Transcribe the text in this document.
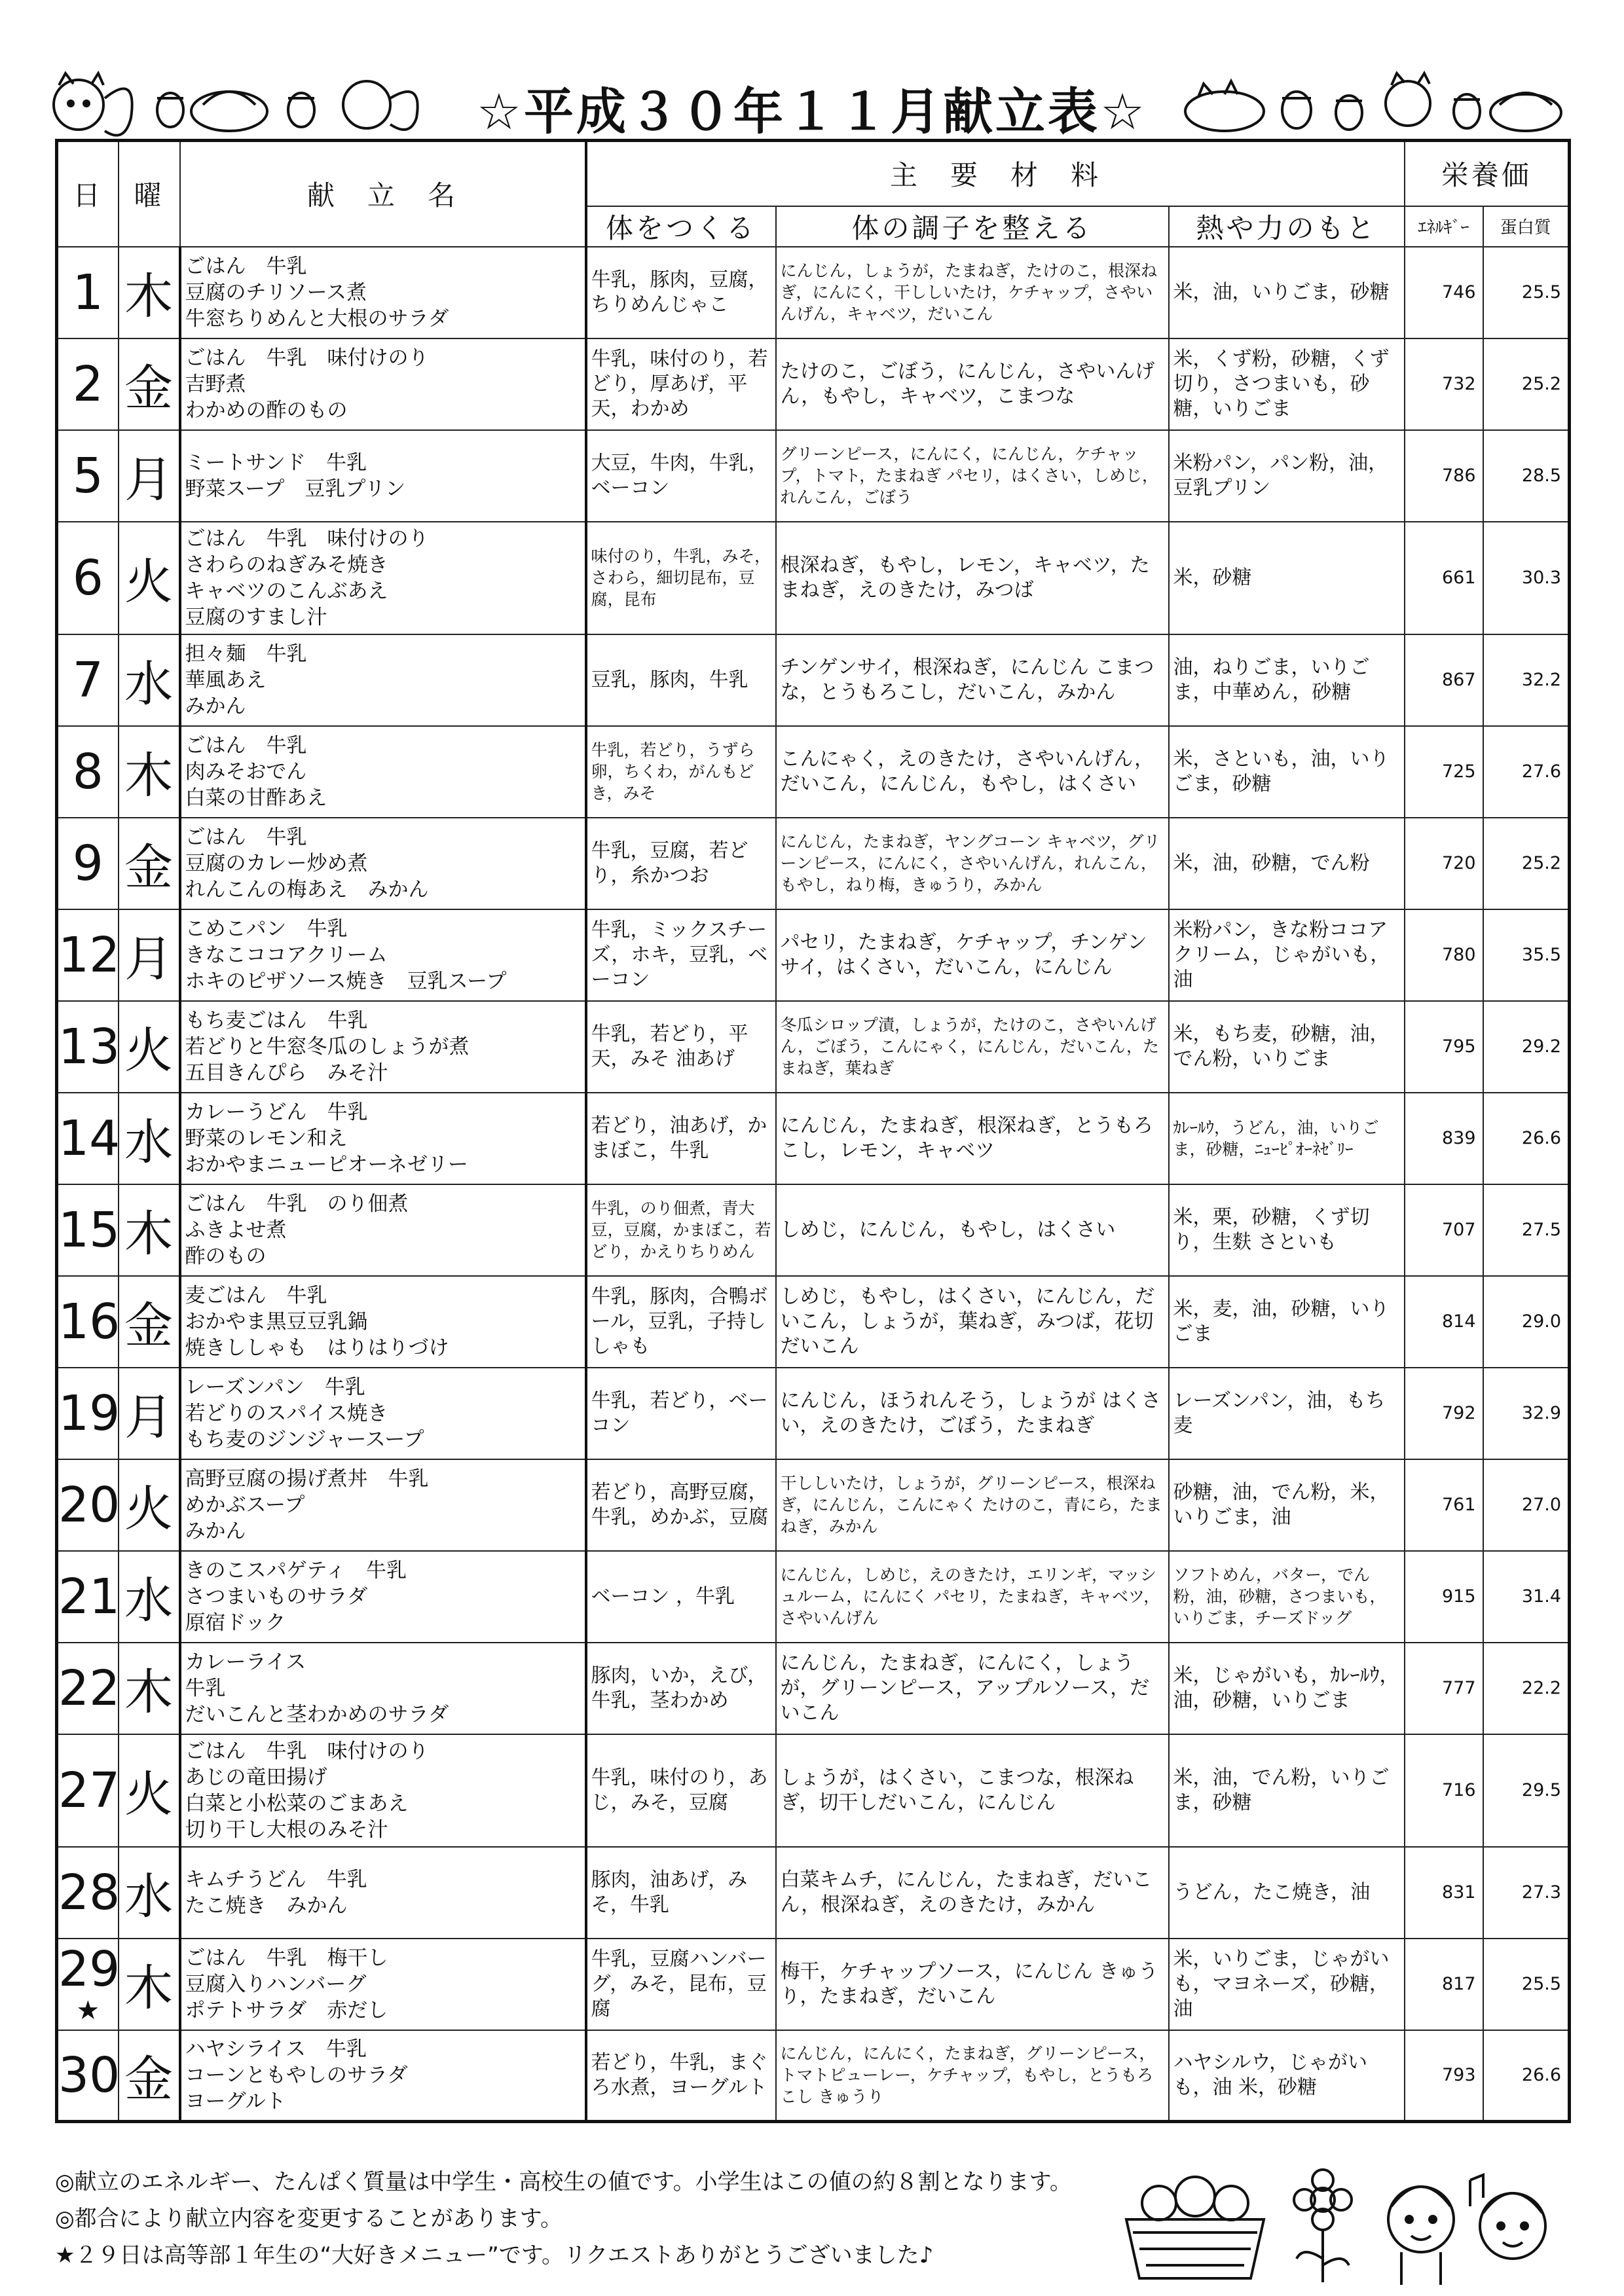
☆平成３０年１１月献立表☆
日	曜	献　立　名	主　要　材　料			栄養価	
			体をつくる	体の調子を整える	熱や力のもと	ｴﾈﾙｷﾞｰ	蛋白質
1	木	ごはん　牛乳
豆腐のチリソース煮
牛窓ちりめんと大根のサラダ	牛乳，豚肉，豆腐，ちりめんじゃこ	にんじん，しょうが，たまねぎ，たけのこ，根深ねぎ，にんにく，干ししいたけ，ケチャップ，さやいんげん，キャベツ，だいこん	米，油，いりごま，砂糖	746	25.5
2	金	ごはん　牛乳　味付けのり
吉野煮
わかめの酢のもの	牛乳，味付のり，若どり，厚あげ，平天，わかめ	たけのこ，ごぼう，にんじん，さやいんげん，もやし，キャベツ，こまつな	米，くず粉，砂糖，くず切り，さつまいも，砂糖，いりごま	732	25.2
5	月	ミートサンド　牛乳
野菜スープ　豆乳プリン	大豆，牛肉，牛乳，ベーコン	グリーンピース，にんにく，にんじん，ケチャップ，トマト，たまねぎ パセリ，はくさい，しめじ，れんこん，ごぼう	米粉パン，パン粉，油，豆乳プリン	786	28.5
6	火	ごはん　牛乳　味付けのり
さわらのねぎみそ焼き
キャベツのこんぶあえ
豆腐のすまし汁	味付のり，牛乳，みそ，さわら，細切昆布，豆腐，昆布	根深ねぎ，もやし，レモン，キャベツ，たまねぎ，えのきたけ，みつば	米，砂糖	661	30.3
7	水	担々麺　牛乳
華風あえ
みかん	豆乳，豚肉，牛乳	チンゲンサイ，根深ねぎ，にんじん こまつな，とうもろこし，だいこん，みかん	油，ねりごま，いりごま，中華めん，砂糖	867	32.2
8	木	ごはん　牛乳
肉みそおでん
白菜の甘酢あえ	牛乳，若どり，うずら卵，ちくわ，がんもどき，みそ	こんにゃく，えのきたけ，さやいんげん，だいこん，にんじん，もやし，はくさい	米，さといも，油，いりごま，砂糖	725	27.6
9	金	ごはん　牛乳
豆腐のカレー炒め煮
れんこんの梅あえ　みかん	牛乳，豆腐，若どり，糸かつお	にんじん，たまねぎ，ヤングコーン キャベツ，グリーンピース，にんにく，さやいんげん，れんこん，もやし，ねり梅，きゅうり，みかん	米，油，砂糖，でん粉	720	25.2
12	月	こめこパン　牛乳
きなこココアクリーム
ホキのピザソース焼き　豆乳スープ	牛乳，ミックスチーズ，ホキ，豆乳，ベーコン	パセリ，たまねぎ，ケチャップ，チンゲンサイ，はくさい，だいこん，にんじん	米粉パン，きな粉ココアクリーム，じゃがいも，油	780	35.5
13	火	もち麦ごはん　牛乳
若どりと牛窓冬瓜のしょうが煮
五目きんぴら　みそ汁	牛乳，若どり，平天，みそ 油あげ	冬瓜シロップ漬，しょうが，たけのこ，さやいんげん，ごぼう，こんにゃく，にんじん，だいこん，たまねぎ，葉ねぎ	米，もち麦，砂糖，油，でん粉，いりごま	795	29.2
14	水	カレーうどん　牛乳
野菜のレモン和え
おかやまニューピオーネゼリー	若どり，油あげ，かまぼこ，牛乳	にんじん，たまねぎ，根深ねぎ，とうもろこし，レモン，キャベツ	ｶﾚｰﾙｳ，うどん，油，いりごま，砂糖，ﾆｭｰﾋﾟｵｰﾈｾﾞﾘｰ	839	26.6
15	木	ごはん　牛乳　のり佃煮
ふきよせ煮
酢のもの	牛乳，のり佃煮，青大豆，豆腐，かまぼこ，若どり，かえりちりめん	しめじ，にんじん，もやし，はくさい	米，栗，砂糖，くず切り，生麩 さといも	707	27.5
16	金	麦ごはん　牛乳
おかやま黒豆豆乳鍋
焼きししゃも　はりはりづけ	牛乳，豚肉，合鴨ボール，豆乳，子持ししゃも	しめじ，もやし，はくさい，にんじん，だいこん，しょうが，葉ねぎ，みつば，花切だいこん	米，麦，油，砂糖，いりごま	814	29.0
19	月	レーズンパン　牛乳
若どりのスパイス焼き
もち麦のジンジャースープ	牛乳，若どり，ベーコン	にんじん，ほうれんそう，しょうが はくさい，えのきたけ，ごぼう，たまねぎ	レーズンパン，油，もち麦	792	32.9
20	火	高野豆腐の揚げ煮丼　牛乳
めかぶスープ
みかん	若どり，高野豆腐，牛乳，めかぶ，豆腐	干ししいたけ，しょうが，グリーンピース，根深ねぎ，にんじん，こんにゃく たけのこ，青にら，たまねぎ，みかん	砂糖，油，でん粉，米，いりごま，油	761	27.0
21	水	きのこスパゲティ　牛乳
さつまいものサラダ
原宿ドック	ベーコン ，牛乳	にんじん，しめじ，えのきたけ，エリンギ，マッシュルーム，にんにく パセリ，たまねぎ，キャベツ，さやいんげん	ソフトめん，バター，でん粉，油，砂糖，さつまいも，いりごま，チーズドッグ	915	31.4
22	木	カレーライス
牛乳
だいこんと茎わかめのサラダ	豚肉，いか，えび，牛乳，茎わかめ	にんじん，たまねぎ，にんにく，しょうが，グリーンピース，アップルソース，だいこん	米，じゃがいも，ｶﾚｰﾙｳ，油，砂糖，いりごま	777	22.2
27	火	ごはん　牛乳　味付けのり
あじの竜田揚げ
白菜と小松菜のごまあえ
切り干し大根のみそ汁	牛乳，味付のり，あじ，みそ，豆腐	しょうが，はくさい，こまつな，根深ねぎ，切干しだいこん，にんじん	米，油，でん粉，いりごま，砂糖	716	29.5
28	水	キムチうどん　牛乳
たこ焼き　みかん	豚肉，油あげ，みそ，牛乳	白菜キムチ，にんじん，たまねぎ，だいこん，根深ねぎ，えのきたけ，みかん	うどん，たこ焼き，油	831	27.3
29
★	木	ごはん　牛乳　梅干し
豆腐入りハンバーグ
ポテトサラダ　赤だし	牛乳，豆腐ハンバーグ，みそ，昆布，豆腐	梅干，ケチャップソース，にんじん きゅうり，たまねぎ，だいこん	米，いりごま，じゃがいも，マヨネーズ，砂糖，油	817	25.5
30	金	ハヤシライス　牛乳
コーンともやしのサラダ
ヨーグルト	若どり，牛乳，まぐろ水煮，ヨーグルト	にんじん，にんにく，たまねぎ，グリーンピース，トマトピューレー，ケチャップ，もやし，とうもろこし きゅうり	ハヤシルウ，じゃがいも，油 米，砂糖	793	26.6
◎献立のエネルギー、たんぱく質量は中学生・高校生の値です。小学生はこの値の約８割となります。
◎都合により献立内容を変更することがあります。
★２９日は高等部１年生の“大好きメニュー”です。リクエストありがとうございました♪
